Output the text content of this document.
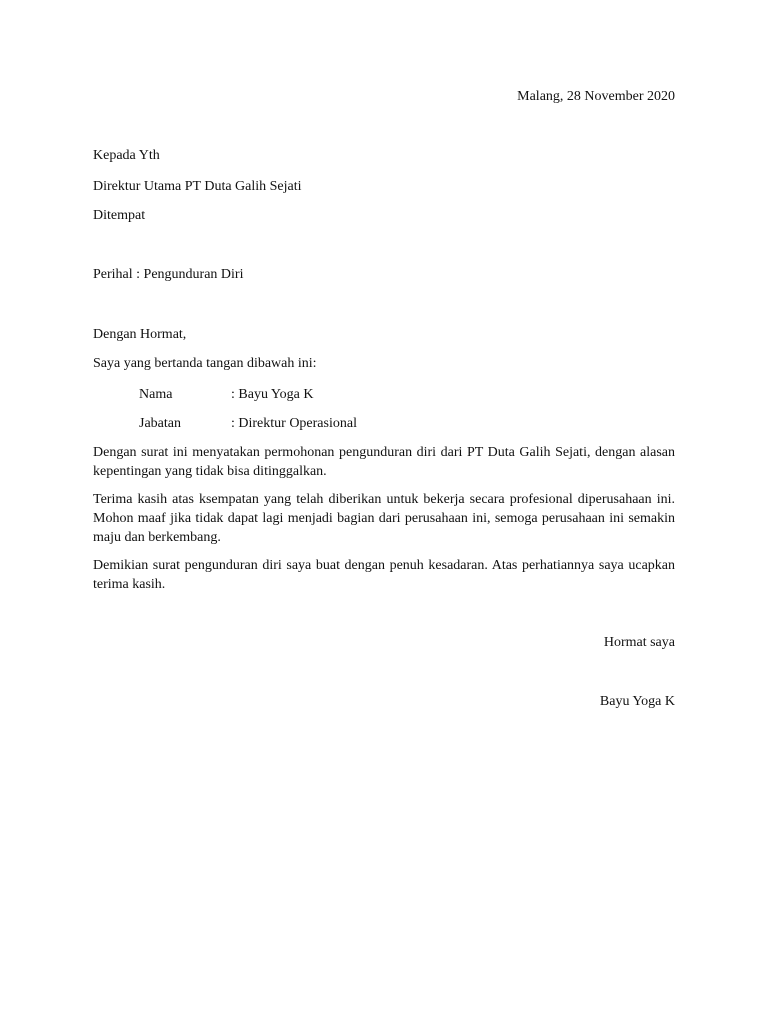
Malang, 28 November 2020
Kepada Yth
Direktur Utama PT Duta Galih Sejati
Ditempat
Perihal : Pengunduran Diri
Dengan Hormat,
Saya yang bertanda tangan dibawah ini:
Nama	: Bayu Yoga K
Jabatan	: Direktur Operasional
Dengan surat ini menyatakan permohonan pengunduran diri dari PT Duta Galih Sejati, dengan alasan kepentingan yang tidak bisa ditinggalkan.
Terima kasih atas ksempatan yang telah diberikan untuk bekerja secara profesional diperusahaan ini. Mohon maaf jika tidak dapat lagi menjadi bagian dari perusahaan ini, semoga perusahaan ini semakin maju dan berkembang.
Demikian surat pengunduran diri saya buat dengan penuh kesadaran. Atas perhatiannya saya ucapkan terima kasih.
Hormat saya
Bayu Yoga K
